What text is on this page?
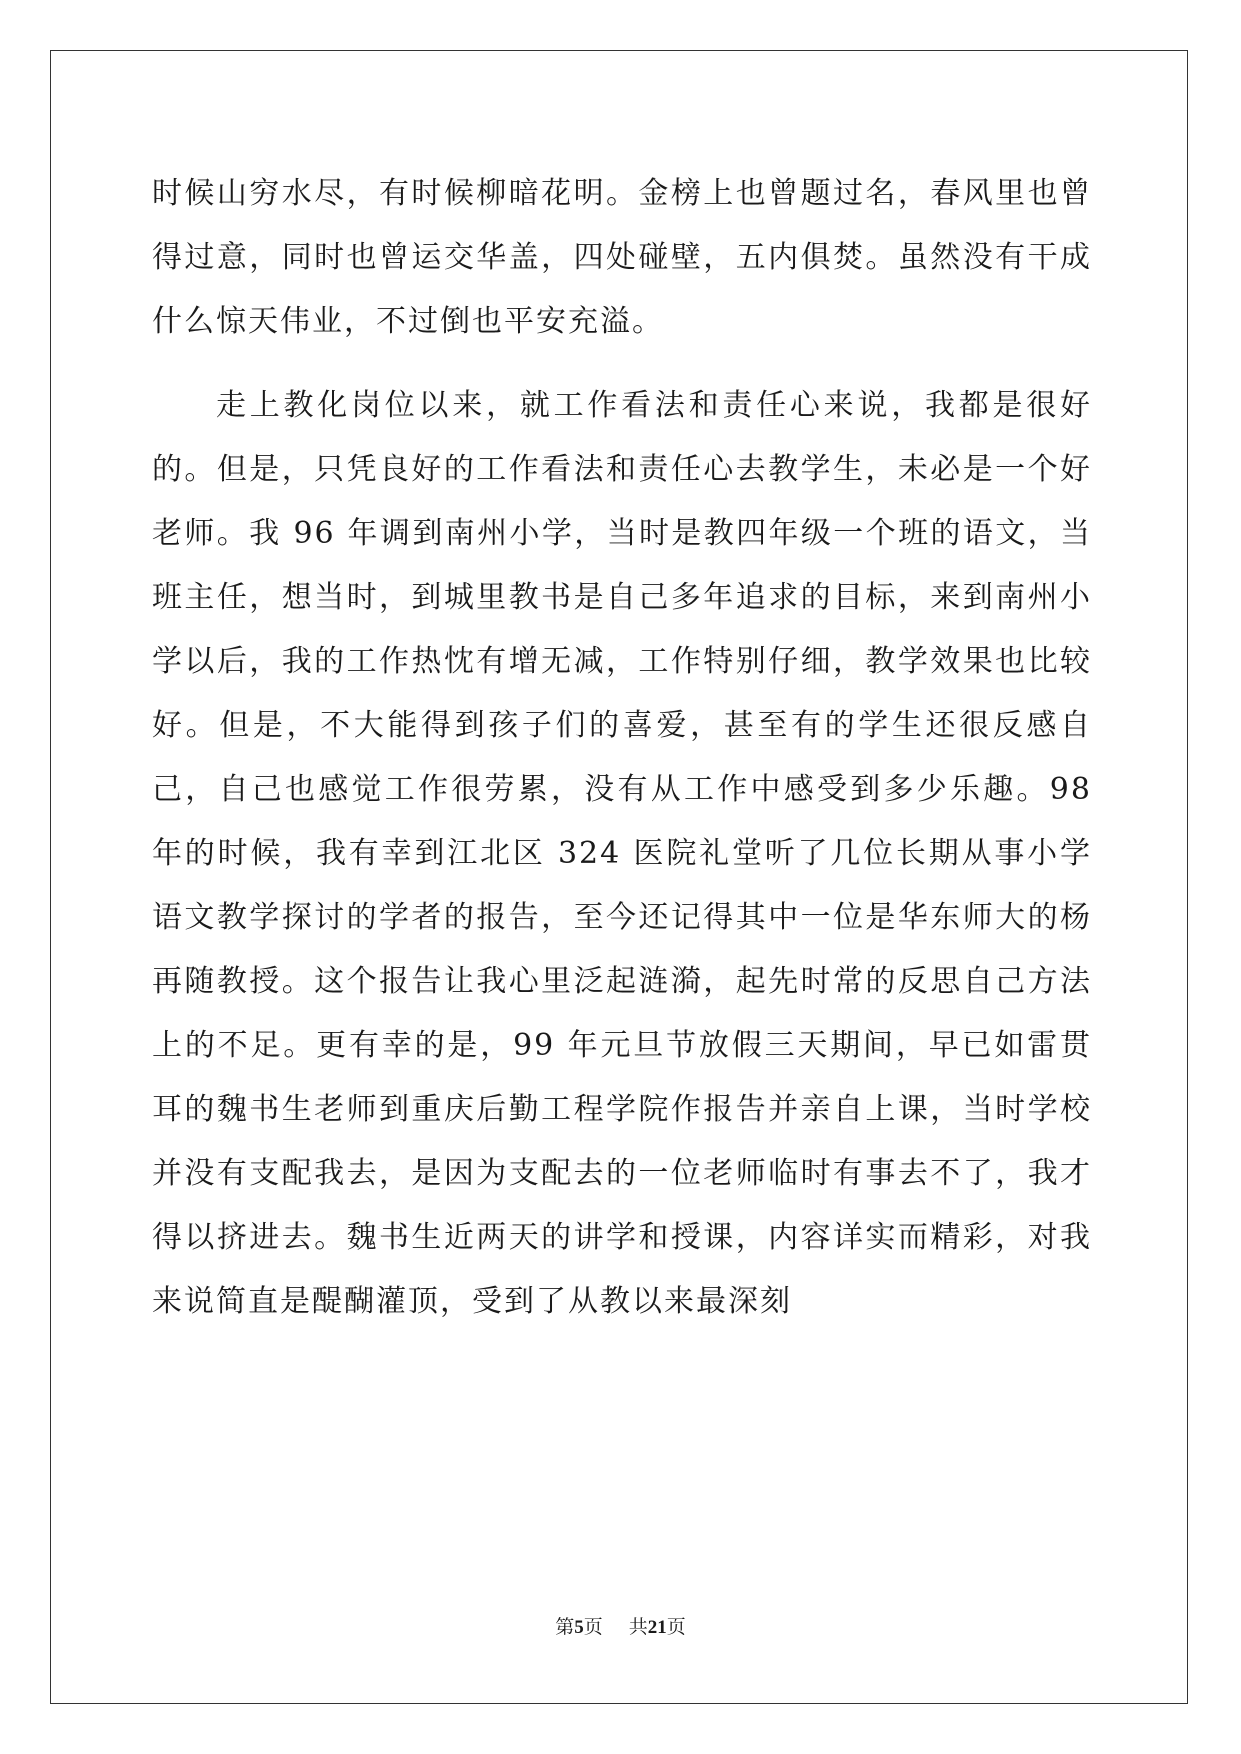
时候山穷水尽，有时候柳暗花明。金榜上也曾题过名，春风里也曾得过意，同时也曾运交华盖，四处碰壁，五内俱焚。虽然没有干成什么惊天伟业，不过倒也平安充溢。

走上教化岗位以来，就工作看法和责任心来说，我都是很好的。但是，只凭良好的工作看法和责任心去教学生，未必是一个好老师。我 96 年调到南州小学，当时是教四年级一个班的语文，当班主任，想当时，到城里教书是自己多年追求的目标，来到南州小学以后，我的工作热忱有增无减，工作特别仔细，教学效果也比较好。但是，不大能得到孩子们的喜爱，甚至有的学生还很反感自己，自己也感觉工作很劳累，没有从工作中感受到多少乐趣。98 年的时候，我有幸到江北区 324 医院礼堂听了几位长期从事小学语文教学探讨的学者的报告，至今还记得其中一位是华东师大的杨再随教授。这个报告让我心里泛起涟漪，起先时常的反思自己方法上的不足。更有幸的是，99 年元旦节放假三天期间，早已如雷贯耳的魏书生老师到重庆后勤工程学院作报告并亲自上课，当时学校并没有支配我去，是因为支配去的一位老师临时有事去不了，我才得以挤进去。魏书生近两天的讲学和授课，内容详实而精彩，对我来说简直是醍醐灌顶，受到了从教以来最深刻

第5页 共21页
